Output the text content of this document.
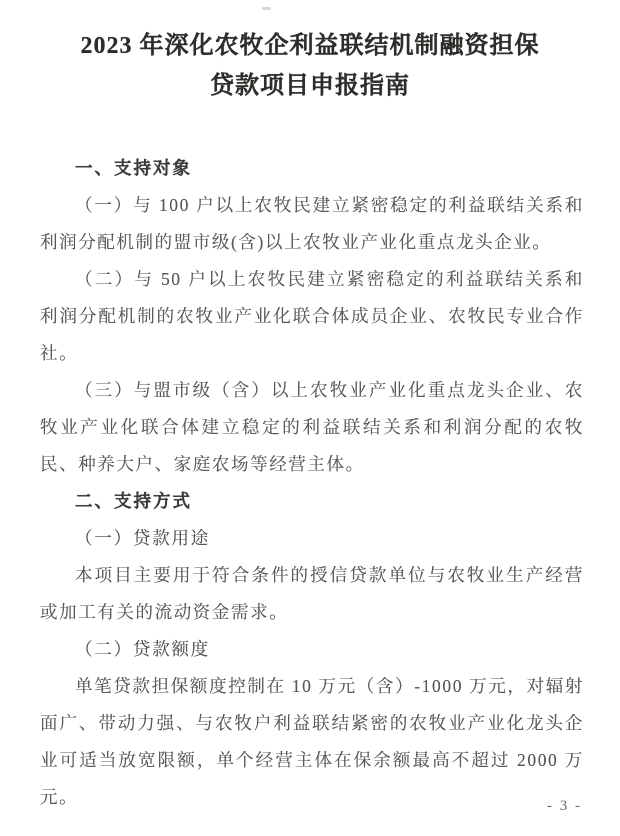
2023 年深化农牧企利益联结机制融资担保
贷款项目申报指南
一、支持对象
（一）与 100 户以上农牧民建立紧密稳定的利益联结关系和利润分配机制的盟市级(含)以上农牧业产业化重点龙头企业。
（二）与 50 户以上农牧民建立紧密稳定的利益联结关系和利润分配机制的农牧业产业化联合体成员企业、农牧民专业合作社。
（三）与盟市级（含）以上农牧业产业化重点龙头企业、农牧业产业化联合体建立稳定的利益联结关系和利润分配的农牧民、种养大户、家庭农场等经营主体。
二、支持方式
（一）贷款用途
本项目主要用于符合条件的授信贷款单位与农牧业生产经营或加工有关的流动资金需求。
（二）贷款额度
单笔贷款担保额度控制在 10 万元（含）-1000 万元，对辐射面广、带动力强、与农牧户利益联结紧密的农牧业产业化龙头企业可适当放宽限额，单个经营主体在保余额最高不超过 2000 万元。	- 3 -
